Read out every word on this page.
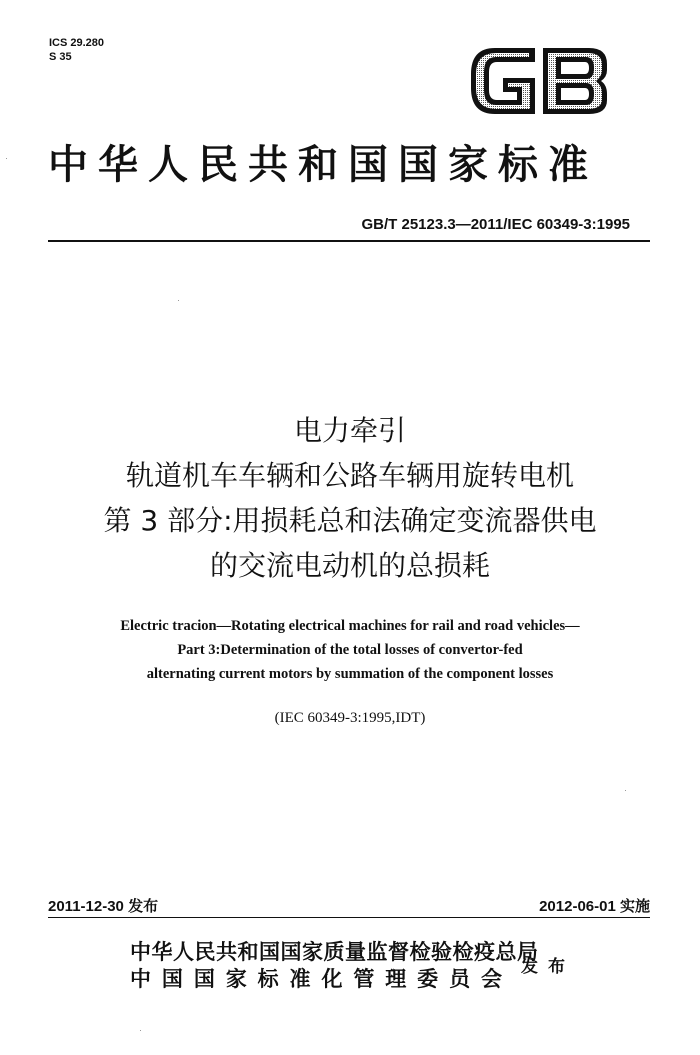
ICS 29.280
S 35
中华人民共和国国家标准
GB/T 25123.3—2011/IEC 60349-3:1995
电力牵引
轨道机车车辆和公路车辆用旋转电机
第 3 部分:用损耗总和法确定变流器供电
的交流电动机的总损耗
Electric tracion—Rotating electrical machines for rail and road vehicles—
Part 3:Determination of the total losses of convertor-fed
alternating current motors by summation of the component losses
(IEC 60349-3:1995,IDT)
2011-12-30 发布	2012-06-01 实施
中华人民共和国国家质量监督检验检疫总局
中 国 国 家 标 准 化 管 理 委 员 会 发布
